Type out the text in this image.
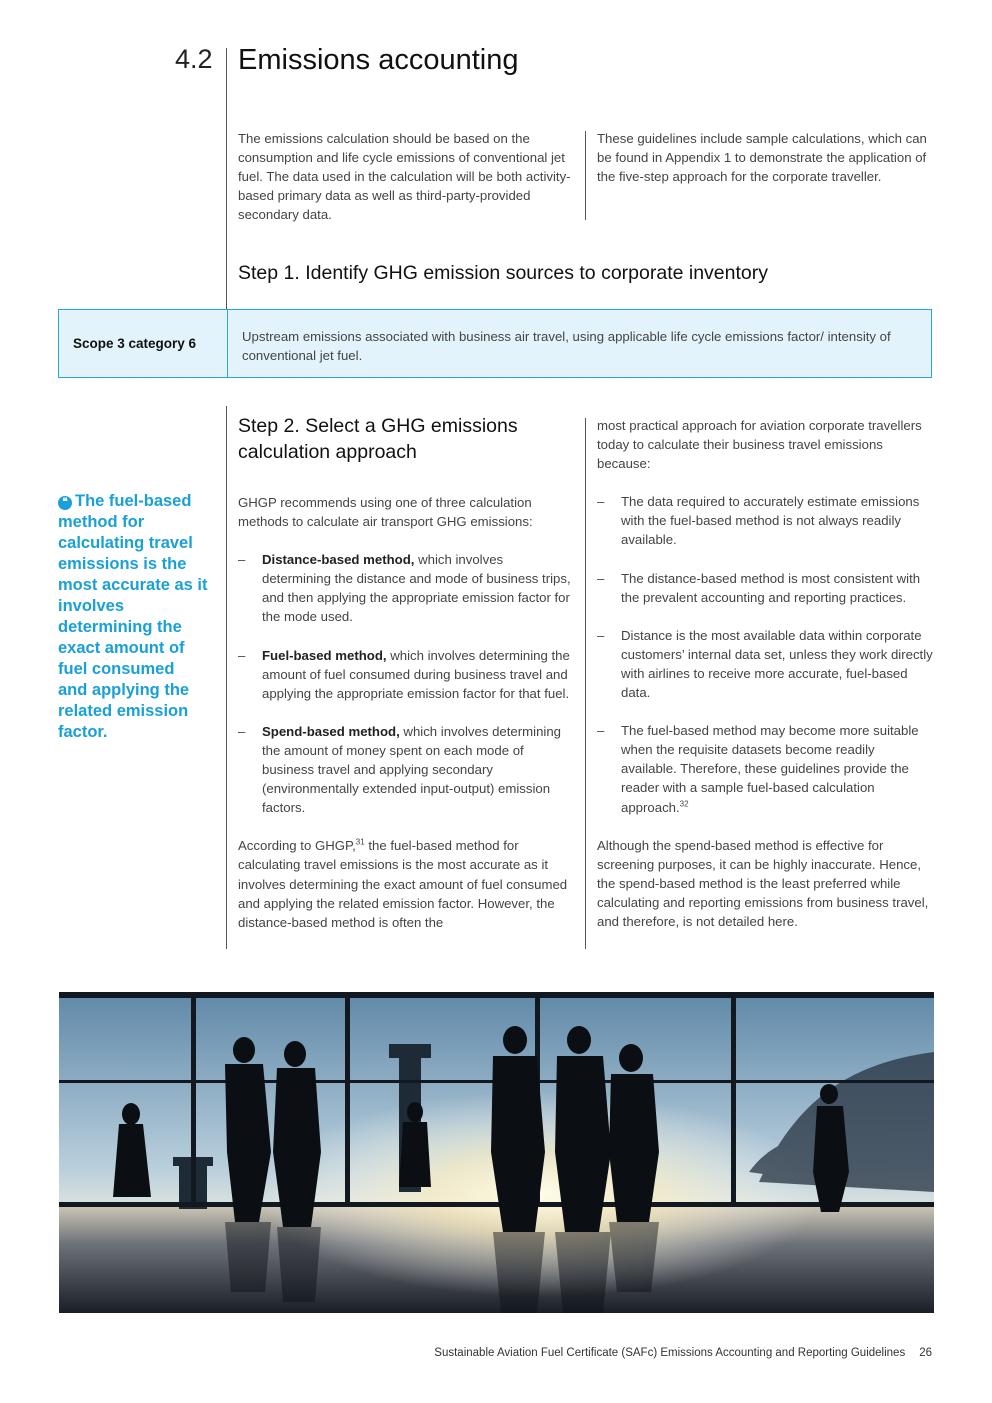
4.2 Emissions accounting

The emissions calculation should be based on the consumption and life cycle emissions of conventional jet fuel. The data used in the calculation will be both activity-based primary data as well as third-party-provided secondary data.

These guidelines include sample calculations, which can be found in Appendix 1 to demonstrate the application of the five-step approach for the corporate traveller.

Step 1. Identify GHG emission sources to corporate inventory
Scope 3 category 6	Upstream emissions associated with business air travel, using applicable life cycle emissions factor/ intensity of conventional jet fuel.
❝ The fuel-based method for calculating travel emissions is the most accurate as it involves determining the exact amount of fuel consumed and applying the related emission factor.
Step 2. Select a GHG emissions calculation approach

GHGP recommends using one of three calculation methods to calculate air transport GHG emissions:

– Distance-based method, which involves determining the distance and mode of business trips, and then applying the appropriate emission factor for the mode used.
– Fuel-based method, which involves determining the amount of fuel consumed during business travel and applying the appropriate emission factor for that fuel.
– Spend-based method, which involves determining the amount of money spent on each mode of business travel and applying secondary (environmentally extended input-output) emission factors.

According to GHGP,$^{31}$ the fuel-based method for calculating travel emissions is the most accurate as it involves determining the exact amount of fuel consumed and applying the related emission factor. However, the distance-based method is often the

most practical approach for aviation corporate travellers today to calculate their business travel emissions because:

– The data required to accurately estimate emissions with the fuel-based method is not always readily available.
– The distance-based method is most consistent with the prevalent accounting and reporting practices.
– Distance is the most available data within corporate customers’ internal data set, unless they work directly with airlines to receive more accurate, fuel-based data.
– The fuel-based method may become more suitable when the requisite datasets become readily available. Therefore, these guidelines provide the reader with a sample fuel-based calculation approach.$^{32}$

Although the spend-based method is effective for screening purposes, it can be highly inaccurate. Hence, the spend-based method is the least preferred while calculating and reporting emissions from business travel, and therefore, is not detailed here.

Sustainable Aviation Fuel Certificate (SAFc) Emissions Accounting and Reporting Guidelines 26
